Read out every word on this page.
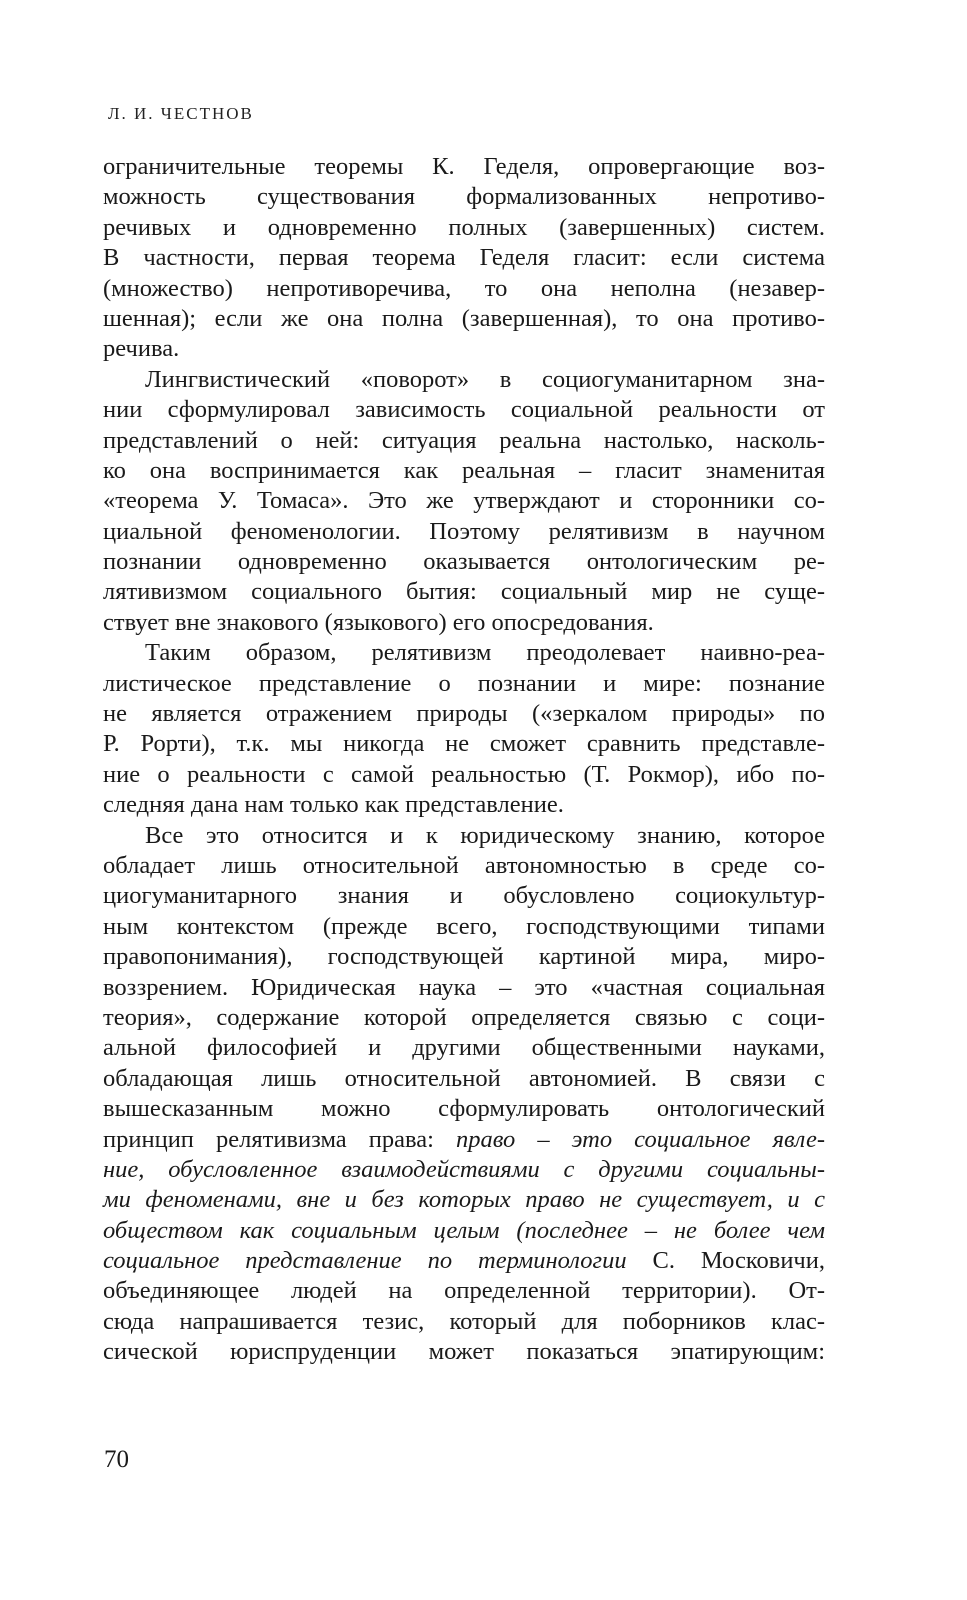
Л. И. ЧЕСТНОВ
ограничительные теоремы К. Геделя, опровергающие воз-
можность существования формализованных непротиво-
речивых и одновременно полных (завершенных) систем.
В частности, первая теорема Геделя гласит: если система
(множество) непротиворечива, то она неполна (незавер-
шенная); если же она полна (завершенная), то она противо-
речива.
Лингвистический «поворот» в социогуманитарном зна-
нии сформулировал зависимость социальной реальности от
представлений о ней: ситуация реальна настолько, насколь-
ко она воспринимается как реальная – гласит знаменитая
«теорема У. Томаса». Это же утверждают и сторонники со-
циальной феноменологии. Поэтому релятивизм в научном
познании одновременно оказывается онтологическим ре-
лятивизмом социального бытия: социальный мир не суще-
ствует вне знакового (языкового) его опосредования.
Таким образом, релятивизм преодолевает наивно-реа-
листическое представление о познании и мире: познание
не является отражением природы («зеркалом природы» по
Р. Рорти), т.к. мы никогда не сможет сравнить представле-
ние о реальности с самой реальностью (Т. Рокмор), ибо по-
следняя дана нам только как представление.
Все это относится и к юридическому знанию, которое
обладает лишь относительной автономностью в среде со-
циогуманитарного знания и обусловлено социокультур-
ным контекстом (прежде всего, господствующими типами
правопонимания), господствующей картиной мира, миро-
воззрением. Юридическая наука – это «частная социальная
теория», содержание которой определяется связью с соци-
альной философией и другими общественными науками,
обладающая лишь относительной автономией. В связи с
вышесказанным можно сформулировать онтологический
принцип релятивизма права: право – это социальное явле-
ние, обусловленное взаимодействиями с другими социальны-
ми феноменами, вне и без которых право не существует, и с
обществом как социальным целым (последнее – не более чем
социальное представление по терминологии С. Московичи,
объединяющее людей на определенной территории). От-
сюда напрашивается тезис, который для поборников клас-
сической юриспруденции может показаться эпатирующим:
70
